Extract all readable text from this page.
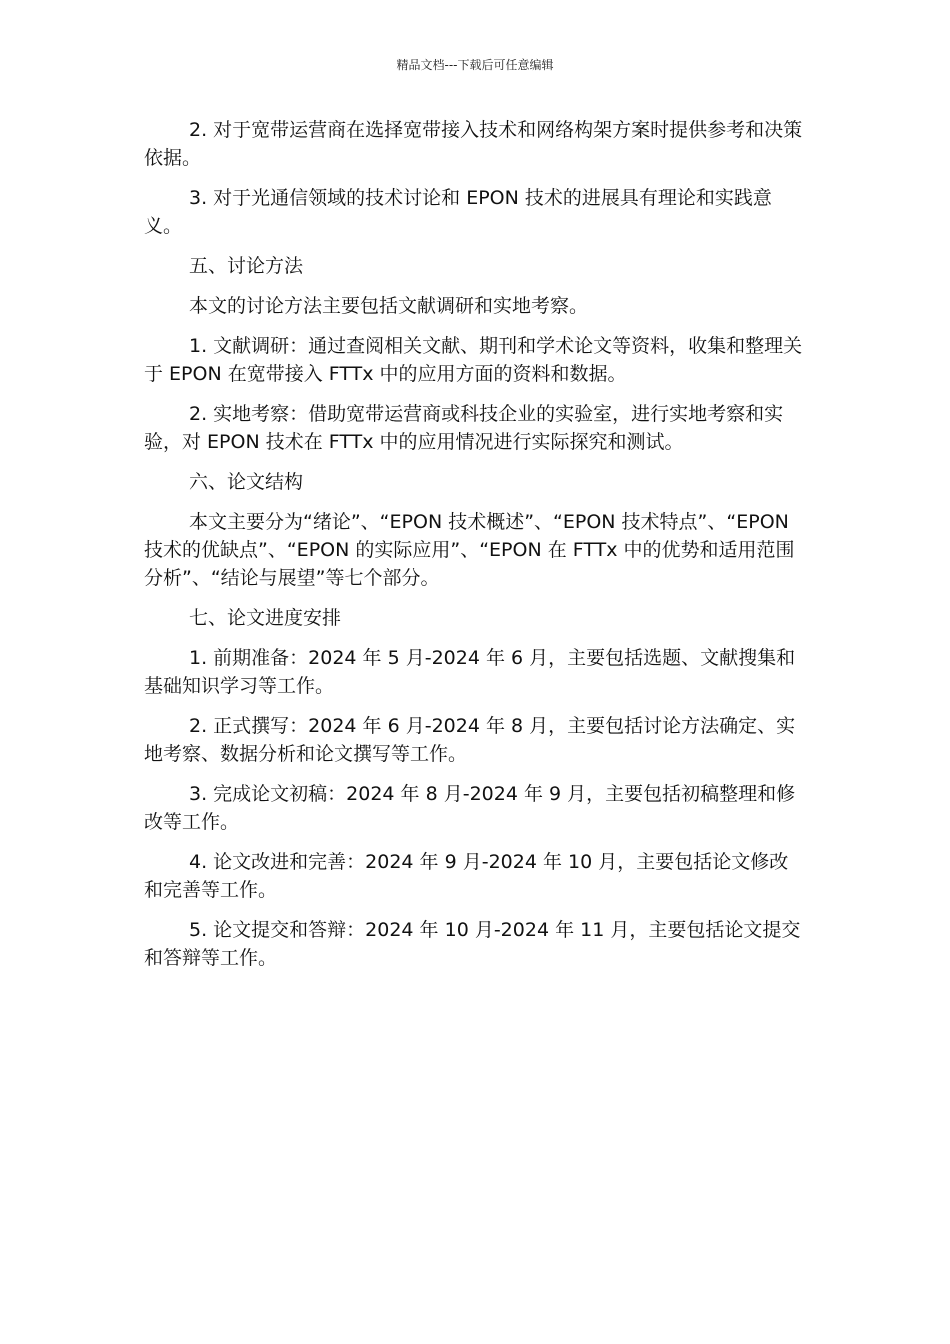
精品文档---下载后可任意编辑

2. 对于宽带运营商在选择宽带接入技术和网络构架方案时提供参考和决策依据。

3. 对于光通信领域的技术讨论和 EPON 技术的进展具有理论和实践意义。

五、讨论方法

本文的讨论方法主要包括文献调研和实地考察。

1. 文献调研：通过查阅相关文献、期刊和学术论文等资料，收集和整理关于 EPON 在宽带接入 FTTx 中的应用方面的资料和数据。

2. 实地考察：借助宽带运营商或科技企业的实验室，进行实地考察和实验，对 EPON 技术在 FTTx 中的应用情况进行实际探究和测试。

六、论文结构

本文主要分为“绪论”、“EPON 技术概述”、“EPON 技术特点”、“EPON 技术的优缺点”、“EPON 的实际应用”、“EPON 在 FTTx 中的优势和适用范围分析”、“结论与展望”等七个部分。

七、论文进度安排

1. 前期准备：2024 年 5 月-2024 年 6 月，主要包括选题、文献搜集和基础知识学习等工作。

2. 正式撰写：2024 年 6 月-2024 年 8 月，主要包括讨论方法确定、实地考察、数据分析和论文撰写等工作。

3. 完成论文初稿：2024 年 8 月-2024 年 9 月，主要包括初稿整理和修改等工作。

4. 论文改进和完善：2024 年 9 月-2024 年 10 月，主要包括论文修改和完善等工作。

5. 论文提交和答辩：2024 年 10 月-2024 年 11 月，主要包括论文提交和答辩等工作。
